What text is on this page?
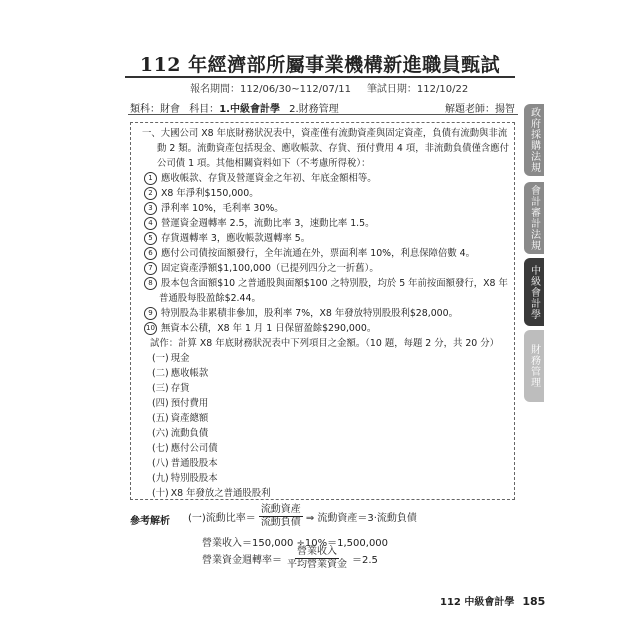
112 年經濟部所屬事業機構新進職員甄試
報名期間：112/06/30~112/07/11 筆試日期：112/10/22
類科：財會 科目：1.中級會計學 2.財務管理	解題老師：揚智

一、大國公司 X8 年底財務狀況表中，資產僅有流動資產與固定資產，負債有流動與非流動 2 類。流動資產包括現金、應收帳款、存貨、預付費用 4 項，非流動負債僅含應付公司債 1 項。其他相關資料如下（不考慮所得稅）：

1 應收帳款、存貨及營運資金之年初、年底金額相等。

2 X8 年淨利$150,000。

3 淨利率 10%，毛利率 30%。

4 營運資金週轉率 2.5，流動比率 3，速動比率 1.5。

5 存貨週轉率 3，應收帳款週轉率 5。

6 應付公司債按面額發行，全年流通在外，票面利率 10%，利息保障倍數 4。

7 固定資產淨額$1,100,000（已提列四分之一折舊）。

8 股本包含面額$10 之普通股與面額$100 之特別股，均於 5 年前按面額發行，X8 年普通股每股盈餘$2.44。

9 特別股為非累積非參加，股利率 7%，X8 年發放特別股股利$28,000。

10 無資本公積，X8 年 1 月 1 日保留盈餘$290,000。

試作：計算 X8 年底財務狀況表中下列項目之金額。（10 題，每題 2 分，共 20 分）

(一) 現金

(二) 應收帳款

(三) 存貨

(四) 預付費用

(五) 資產總額

(六) 流動負債

(七) 應付公司債

(八) 普通股股本

(九) 特別股股本

(十) X8 年發放之普通股股利

參考解析 (一)流動比率＝ $\frac{\text{流動資產}}{\text{流動負債}}$ ⇒ 流動資產＝3‧流動負債
營業收入＝150,000 ÷10%＝1,500,000
營業資金週轉率＝ $\frac{\text{營業收入}}{\text{平均營業資金}} =2.5$
112 中級會計學 185
政府採購法規
會計審計法規
中級會計學
財務管理
